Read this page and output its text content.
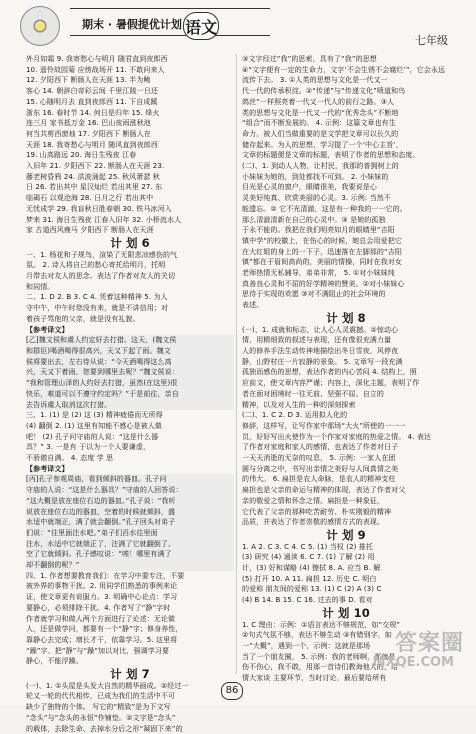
期末 · 暑假提优计划 语文
七年级
外月如霜 9. 我寄愁心与明月 随君直到夜郎西
10. 遥怜故园菊 应傍战场开 11. 不敢问来人
12. 夕阳西下 断肠人在天涯 13. 半为鲍
客心 14. 朝辞白帝彩云间 千里江陵一日还
15. 心随明月去 直到夜郎西 11. 下自成蹊
浙东 16. 春时节 14. 何日是归年 15. 烽火
连三月 家书抵万金 16. 巴山夜雨涨秋池
何当共剪西窗烛 17. 夕阳西下 断肠人在
天涯 18. 我寄愁心与明月 随风直到夜郎西
19. 山高路远 20. 海日生残夜 江春
入旧年 21. 夕阳西下 22. 断肠人在天涯 23.
藤老树昏鸦 24. 洪波涌起 25. 秋风萧瑟 秋
日 26. 若出其中 星汉灿烂 若出其里 27. 东
临碣石 以观沧海 28. 日月之行 若出其中
无忧成学 29. 我盲秋日胜春朝 30. 铁马冰河入
梦来 31. 海日生残夜 江春入旧年 32. 小桥流水人
家 古道西风瘦马 夕阳西下 断肠人在天涯
计 划 6
一、1. 杨花和子规鸟，渲染了无限悲凉感伤的气
氛。 2. 诗人将自己的愁心寄托给明月，托明
月带去对友人的思念。表达了作者对友人的关切
和同情。
二、1. D 2. B 3. C 4. 凭着这种精神 5. 为人
守中午，中午时您没有来，就是不讲信用；对
着孩子骂他的父亲，就是没有礼貌。
【参考译文】
[乙]魏文侯和虞人约定好去打猎。这天，(魏文侯
和群臣)喝酒喝得很高兴，天又下起了雨。魏文
侯将要出去，左右侍从说：“今天酒喝得这么高
兴，天又下着雨，您要到哪里去呢？”魏文侯说：
“我和管理山泽的人约好去打猎，虽然(在这里)很
快乐，难道可以不遵守约定吗？”于是前往，亲自
去告诉虞人取消这次打猎。
三、1. (1) 是 (2) 这 (3) 精神疲倦而无所得
(4) 翻倒 2. (1) 这里有知能不感心是被人做
吧！ (2) 孔子问守庙的人说：“这是什么器
具？” 3. 一是有 于以为一个人要谦虚，
不骄傲自满。 4. 态度 学 思
【参考译文】
[丙]孔子参观周庙，看到倾斜的器皿。孔子问
守庙的人说：“这是什么器具？”守庙的人回答说：
“这大概是放在座位右边的器皿。”孔子说：“我听
说放在座位右边的器皿，空着的时候就倾斜，盛
水适中就端正，满了就会翻倒。”孔子回头对弟子
们说：“往里面注水吧。”弟子们舀水往里面
注水，水适中它就端正了，注满了它就翻倒了。
空了它就倾斜。孔子感叹说：“唉！哪里有满了
却不翻倒的呢？”
四、1. 作者想要教育我们：在学习中要专注，不要
被外界的事物干扰。2. 用同学们熟悉的事例来论
证，使文章更有说服力。3. 明确中心论点：学习
要静心，必须排除干扰。4. 作者写了“静”字时
作者就学习和做人两个方面进行了论述：无论做
人，还是做学问，都要有一个“静”字；修身养性，
靠静心去完成；增长才干，依靠学习。5. 这里将
“躁”字、把“静”与“躁”加以对比，强调学习要
静心，不能浮躁。
计 划 7
(一)、1. ①头屋是头发大自然的精华画成。②经过一
轮又一轮的代代相传，已成为我们的生活中不可
缺少了独特的个体。 写它的“精致”是为下文写
“念头”与“念头的永恒”作铺垫。②文字是“念头”
的载体，去除生命、去掉水分后之形“凝固下来”的
③文字经过“我”的思索，具有了“我”的思想
④“文字便有一定的生命力，文字‘不会生锈不会腐烂’”，它会永远
流传下去。 3. ①人类的思想与文化是一代又一
代一代的传承积淀。②“传递”与“传递文化”喷道和鸟
鸽丝”一样照亮着一代又一代人的前行之路。③人
类的思想与文化是一代又一代的“优秀念头”不断地
“组合”而不断发展的。 4. 示例：这篇文章也有生
命力。被人们当做重要的是文学把文章可以长久的
储存起来。为人的思想，学习提了一个‘中心主旨’，
文章的标题便是文章的标题，表明了作者的思想和态度。
(二)、1. 到动人人物，让村民，我那的普拥树上的
小妹妹为她的，到处都找不可到。 2. 小妹妹的
目光是心灵的窗户，眼睛很美，我要说是心
灵美好纯真、欣赏美丽的心灵。3. 示例: 当然不
能遗忘。② 它不光清澈，这是有一种我的一一它的。
那么清澈清新在自己的心灵中。③ 是她的孤独
于永不能的。我把在我们明亮如月的眼睛里“吉阳
镇中学”的校徽上，在伤心的时候，她总会用爱把它
在大红姐的身上的一下子，迅速落在左脚那的“吉阳
镇”都在于眉间高尚的，美丽的情操，同时在我对女
老师热情无私辅导，弟弟非常， 5. ①对小妹妹纯
真善良心灵和不屈的好学精神的赞美。②对小妹妹心
思待于实现的欢愿 ③对不满阻止的社会环境的
表述。
计 划 8
(一)、1. 成就和标志，让人心人灵震撼。②惊动心
情，用精细致的叙述与表现，还有像很充满力量
人的修养手法生动传神地描绘出冬日雪夜，风停夜
静，山野村庄一片寂静的景象。 5. 文章写一段充满
孤独而感伤的思想，表达作者的内心苦闷 4. 结构上，照
应前文，使文章内容严谨；内容上，深化主题，表明了作
者在面对困境时一往无前、坚强不屈、自立的
精神，以及对人生的一种的深刻探索
(二)、1. C 2. D 3. 运用拟人化的
修辞，这样写，让写作家中那场“大火”所使的一一一
员，好好写出火使作为一个作家对家庭的热爱之情。 4. 表达
了作者对家庭和家人的感情，也表达了作者对日子
一天天消逝的无奈的叹息， 5. 示例：一家人在团
圆与分离之中，书写出亲情之美好与人间真情之美
的伟大。 6. 扁担是农人命脉，是农人的精神支柱
扁担也是父亲的命运与精神的体现，表达了作者对父
亲的敬爱之情和怀念之情。扁担是一种象征，
它代表了父亲的那种吃苦耐劳、朴实刚毅的精神
品质，并表达了作者崇敬的感情方式的表现。
计 划 9
1. A 2. C 3. C 4. C 5. (1) 当权 (2) 推托
(3) 研究 (4) 通读 6. C 7. (1) 了解 (2) 用
计，(3) 好和谋略 (4) 擦拭 8. A. 应当 B. 解
(5) 打开 10. A 11. 扁担 12. 历史 C. 明白
的爱称 朋友间的爱称 13. (1) C (2) A (3) C
(4) B 14. B 15. C 16. 过去的事 D. 看对
计 划 10
1. C 理由：示例：①语言表达不够规范，如“交规”
②句式气氛不够，表达不够生动 ③有错别字，如
一“大概”，遇到一个，示例：这就是那场
当了一个朋友圈， 5. 示例：我的老师啊，那就是
伤不伤心，我不敢，用那一首诗们教诲他人的，给
情大家谈 主要环节，当时讨论，最后要给所有
86
答案圈
MXQE.COM
